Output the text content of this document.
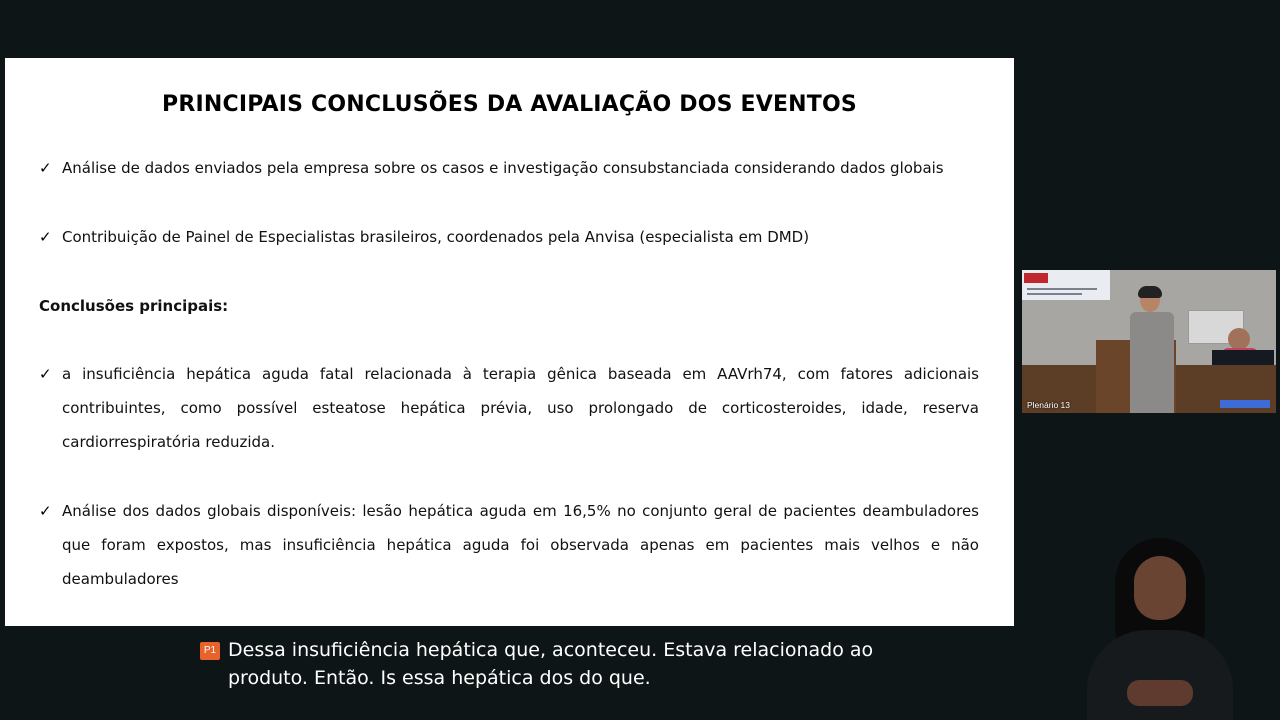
PRINCIPAIS CONCLUSÕES DA AVALIAÇÃO DOS EVENTOS
✓ Análise de dados enviados pela empresa sobre os casos e investigação consubstanciada considerando dados globais
✓ Contribuição de Painel de Especialistas brasileiros, coordenados pela Anvisa (especialista em DMD)
Conclusões principais:
✓ a insuficiência hepática aguda fatal relacionada à terapia gênica baseada em AAVrh74, com fatores adicionais contribuintes, como possível esteatose hepática prévia, uso prolongado de corticosteroides, idade, reserva cardiorrespiratória reduzida.
✓ Análise dos dados globais disponíveis: lesão hepática aguda em 16,5% no conjunto geral de pacientes deambuladores que foram expostos, mas insuficiência hepática aguda foi observada apenas em pacientes mais velhos e não deambuladores
Plenário 13
P1 Dessa insuficiência hepática que, aconteceu. Estava relacionado ao
produto. Então. Is essa hepática dos do que.
